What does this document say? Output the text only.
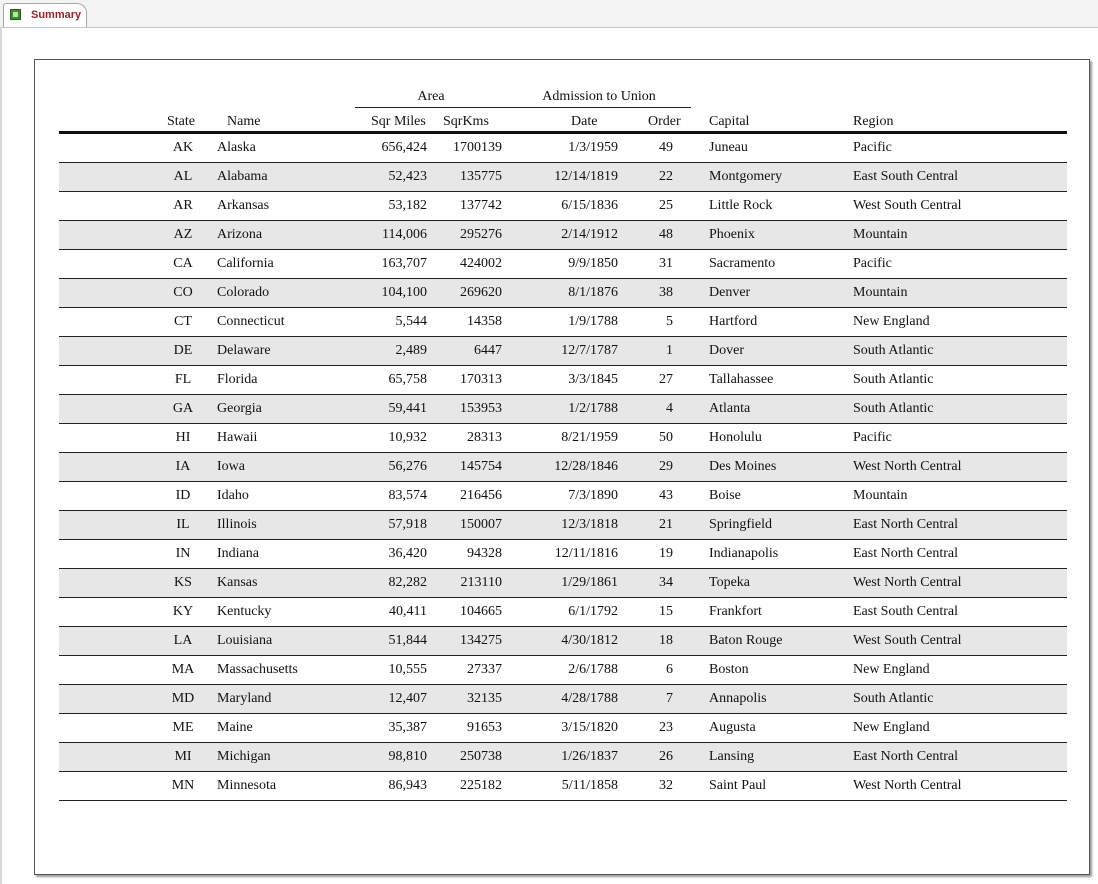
Summary
Area	Admission to Union
State Name	Sqr Miles SqrKms	Date	Order Capital	Region
AK	Alaska	656,424 1700139	1/3/1959	49	Juneau	Pacific
AL	Alabama	52,423 135775	12/14/1819	22	Montgomery	East South Central
AR	Arkansas	53,182 137742	6/15/1836	25	Little Rock	West South Central
AZ	Arizona	114,006 295276	2/14/1912	48	Phoenix	Mountain
CA	California	163,707 424002	9/9/1850	31	Sacramento	Pacific
CO	Colorado	104,100 269620	8/1/1876	38	Denver	Mountain
CT	Connecticut	5,544	14358	1/9/1788	5	Hartford	New England
DE	Delaware	2,489	6447	12/7/1787	1	Dover	South Atlantic
FL	Florida	65,758 170313	3/3/1845	27	Tallahassee	South Atlantic
GA	Georgia	59,441 153953	1/2/1788	4	Atlanta	South Atlantic
HI	Hawaii	10,932	28313	8/21/1959	50	Honolulu	Pacific
IA	Iowa	56,276 145754	12/28/1846	29	Des Moines	West North Central
ID	Idaho	83,574 216456	7/3/1890	43	Boise	Mountain
IL	Illinois	57,918 150007	12/3/1818	21	Springfield	East North Central
IN	Indiana	36,420	94328	12/11/1816	19	Indianapolis	East North Central
KS	Kansas	82,282 213110	1/29/1861	34	Topeka	West North Central
KY	Kentucky	40,411 104665	6/1/1792	15	Frankfort	East South Central
LA	Louisiana	51,844 134275	4/30/1812	18	Baton Rouge	West South Central
MA	Massachusetts	10,555	27337	2/6/1788	6	Boston	New England
MD	Maryland	12,407	32135	4/28/1788	7	Annapolis	South Atlantic
ME	Maine	35,387	91653	3/15/1820	23	Augusta	New England
MI	Michigan	98,810 250738	1/26/1837	26	Lansing	East North Central
MN	Minnesota	86,943 225182	5/11/1858	32	Saint Paul	West North Central
